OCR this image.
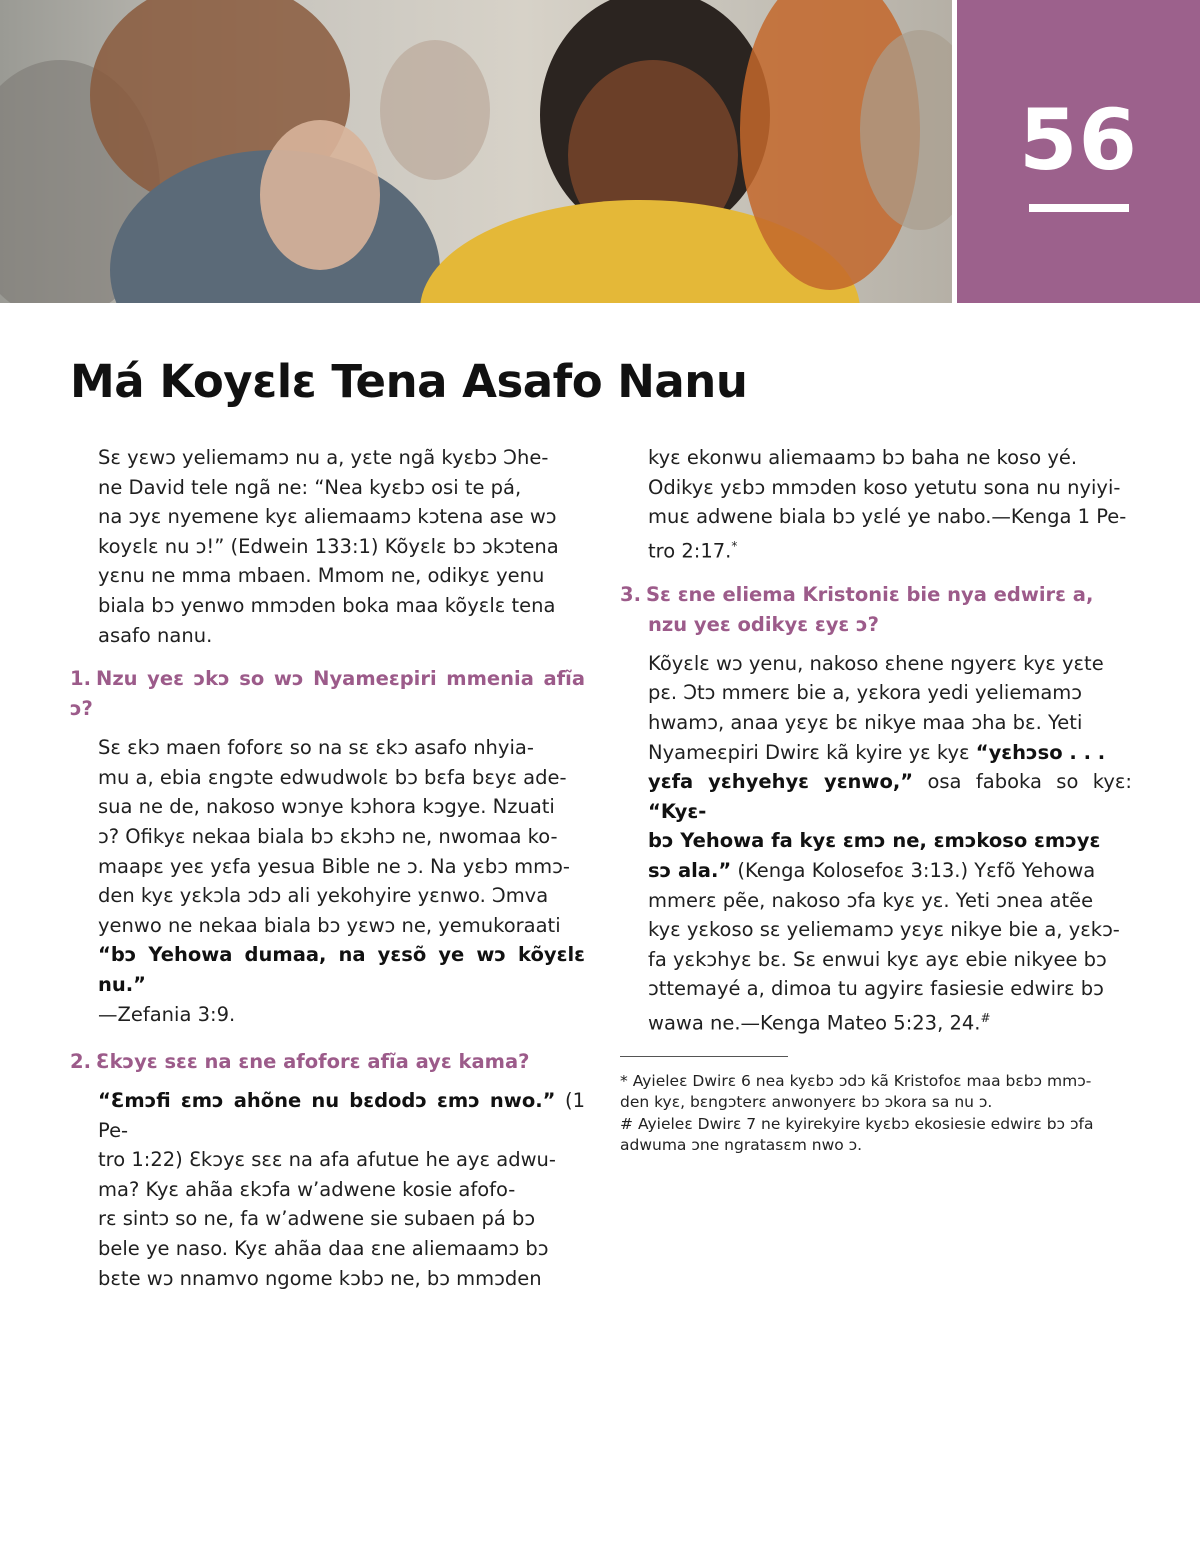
56
Má Koyɛlɛ Tena Asafo Nanu

Sɛ yɛwɔ yeliemamɔ nu a, yɛte ngã kyɛbɔ Ɔhe-
ne David tele ngã ne: “Nea kyɛbɔ osi te pá,
na ɔyɛ nyemene kyɛ aliemaamɔ kɔtena ase wɔ
koyɛlɛ nu ɔ!” (Edwein 133:1) Kõyɛlɛ bɔ ɔkɔtena
yɛnu ne mma mbaen. Mmom ne, odikyɛ yenu
biala bɔ yenwo mmɔden boka maa kõyɛlɛ tena
asafo nanu.

1. Nzu yeɛ ɔkɔ so wɔ Nyameɛpiri mmenia afĩa ɔ?

Sɛ ɛkɔ maen foforɛ so na sɛ ɛkɔ asafo nhyia-
mu a, ebia ɛngɔte edwudwolɛ bɔ bɛfa bɛyɛ ade-
sua ne de, nakoso wɔnye kɔhora kɔgye. Nzuati
ɔ? Ofikyɛ nekaa biala bɔ ɛkɔhɔ ne, nwomaa ko-
maapɛ yeɛ yɛfa yesua Bible ne ɔ. Na yɛbɔ mmɔ-
den kyɛ yɛkɔla ɔdɔ ali yekohyire yɛnwo. Ɔmva
yenwo ne nekaa biala bɔ yɛwɔ ne, yemukoraati
“bɔ Yehowa dumaa, na yɛsõ ye wɔ kõyɛlɛ nu.”
—Zefania 3:9.

2. Ɛkɔyɛ sɛɛ na ɛne afoforɛ afĩa ayɛ kama?

“Ɛmɔfi ɛmɔ ahõne nu bɛdodɔ ɛmɔ nwo.” (1 Pe-
tro 1:22) Ɛkɔyɛ sɛɛ na afa afutue he ayɛ adwu-
ma? Kyɛ ahãa ɛkɔfa w’adwene kosie afofo-
rɛ sintɔ so ne, fa w’adwene sie subaen pá bɔ
bele ye naso. Kyɛ ahãa daa ɛne aliemaamɔ bɔ
bɛte wɔ nnamvo ngome kɔbɔ ne, bɔ mmɔden

kyɛ ekonwu aliemaamɔ bɔ baha ne koso yé.
Odikyɛ yɛbɔ mmɔden koso yetutu sona nu nyiyi-
muɛ adwene biala bɔ yɛlé ye nabo.—Kenga 1 Pe-
tro 2:17.*

3. Sɛ ɛne eliema Kristoniɛ bie nya edwirɛ a,
nzu yeɛ odikyɛ ɛyɛ ɔ?

Kõyɛlɛ wɔ yenu, nakoso ɛhene ngyerɛ kyɛ yɛte
pɛ. Ɔtɔ mmerɛ bie a, yɛkora yedi yeliemamɔ
hwamɔ, anaa yɛyɛ bɛ nikye maa ɔha bɛ. Yeti
Nyameɛpiri Dwirɛ kã kyire yɛ kyɛ “yɛhɔso . . .
yɛfa yɛhyehyɛ yɛnwo,” osa faboka so kyɛ: “Kyɛ-
bɔ Yehowa fa kyɛ ɛmɔ ne, ɛmɔkoso ɛmɔyɛ
sɔ ala.” (Kenga Kolosefoɛ 3:13.) Yɛfõ Yehowa
mmerɛ pẽe, nakoso ɔfa kyɛ yɛ. Yeti ɔnea atẽe
kyɛ yɛkoso sɛ yeliemamɔ yɛyɛ nikye bie a, yɛkɔ-
fa yɛkɔhyɛ bɛ. Sɛ enwui kyɛ ayɛ ebie nikyee bɔ
ɔttemayé a, dimoa tu agyirɛ fasiesie edwirɛ bɔ
wawa ne.—Kenga Mateo 5:23, 24.#

* Ayieleɛ Dwirɛ 6 nea kyɛbɔ ɔdɔ kã Kristofoɛ maa bɛbɔ mmɔ-
den kyɛ, bɛngɔterɛ anwonyerɛ bɔ ɔkora sa nu ɔ.

# Ayieleɛ Dwirɛ 7 ne kyirekyire kyɛbɔ ekosiesie edwirɛ bɔ ɔfa
adwuma ɔne ngratasɛm nwo ɔ.
